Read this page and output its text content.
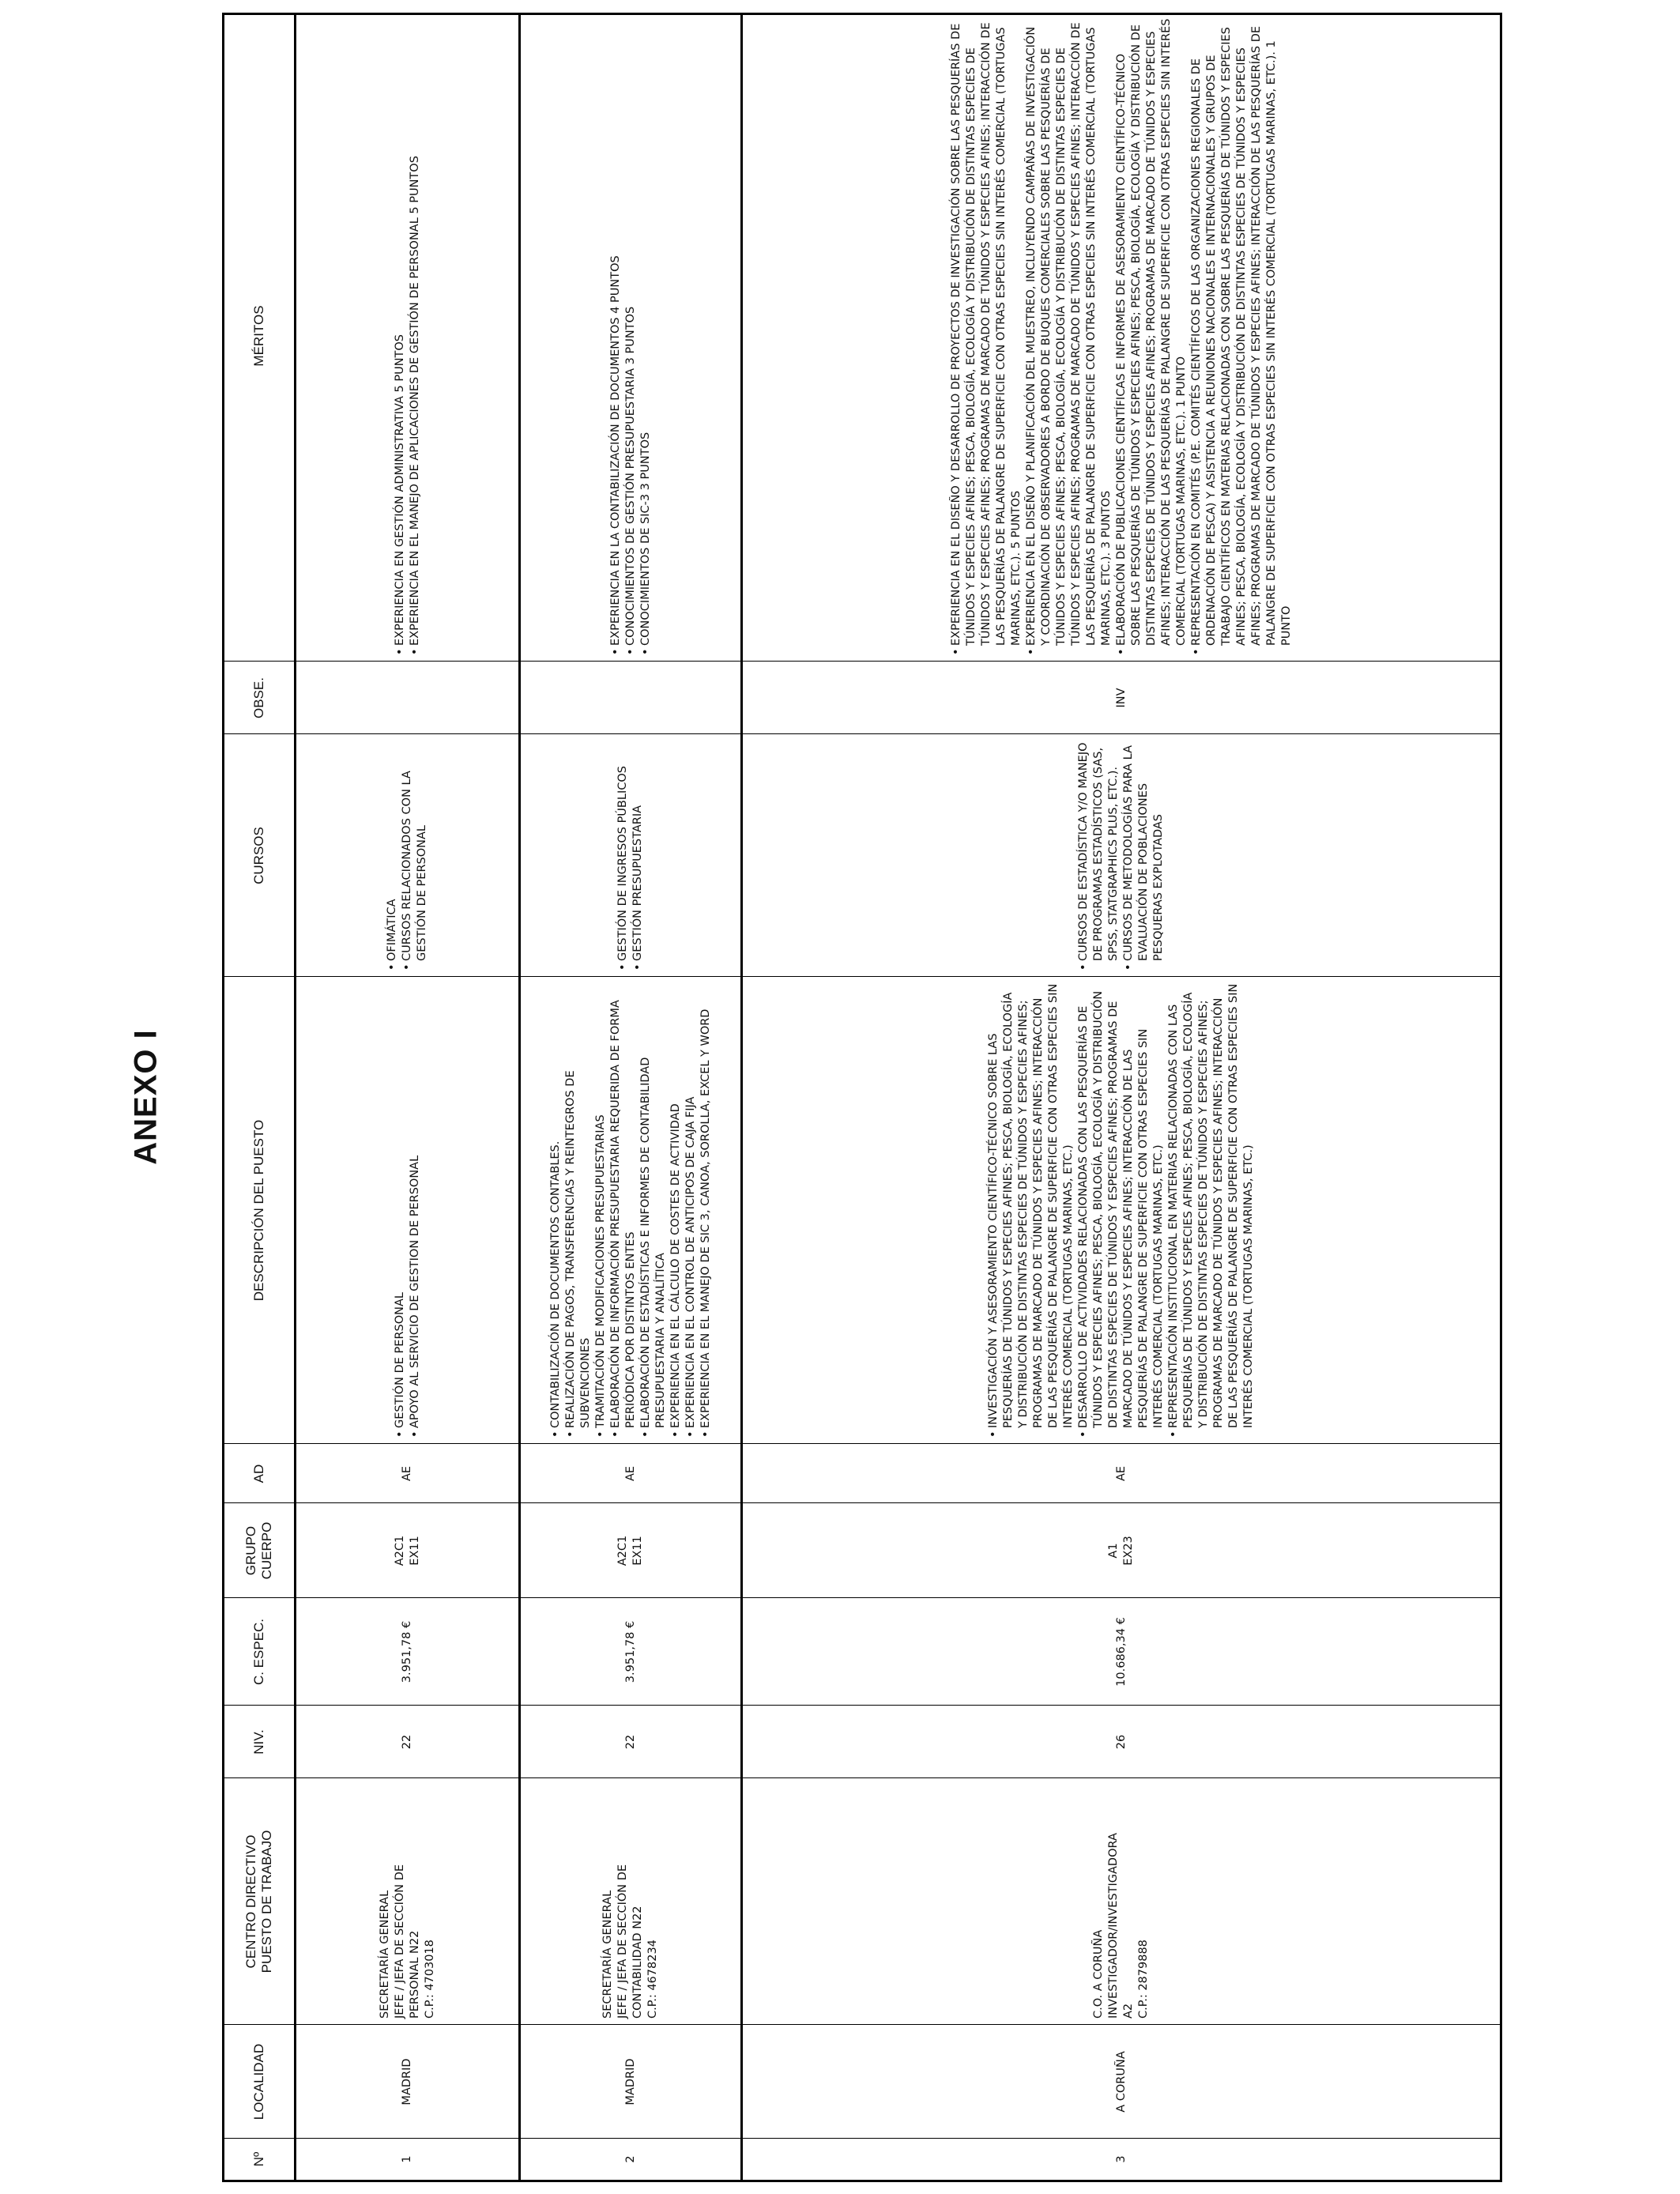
ANEXO I
Nº
LOCALIDAD
CENTRO DIRECTIVO
PUESTO DE TRABAJO
NIV.
C. ESPEC.
GRUPO
CUERPO
AD
DESCRIPCIÓN DEL PUESTO
CURSOS
OBSE.
MÉRITOS
1
MADRID
SECRETARÍA GENERAL
JEFE / JEFA DE SECCIÓN DE
PERSONAL N22
C.P.: 4703018
22
3.951,78 €
A2C1
EX11
AE
• GESTIÓN DE PERSONAL • APOYO AL SERVICIO DE GESTION DE PERSONAL
• OFIMÁTICA • CURSOS RELACIONADOS CON LA GESTIÓN DE PERSONAL
• EXPERIENCIA EN GESTIÓN ADMINISTRATIVA 5 PUNTOS • EXPERIENCIA EN EL MANEJO DE APLICACIONES DE GESTIÓN DE PERSONAL 5 PUNTOS
2
MADRID
SECRETARÍA GENERAL
JEFE / JEFA DE SECCIÓN DE
CONTABILIDAD N22
C.P.: 4678234
22
3.951,78 €
A2C1
EX11
AE
• CONTABILIZACIÓN DE DOCUMENTOS CONTABLES. • REALIZACIÓN DE PAGOS, TRANSFERENCIAS Y REINTEGROS DE SUBVENCIONES • TRAMITACIÓN DE MODIFICACIONES PRESUPUESTARIAS • ELABORACIÓN DE INFORMACIÓN PRESUPUESTARIA REQUERIDA DE FORMA PERIÓDICA POR DISTINTOS ENTES • ELABORACIÓN DE ESTADÍSTICAS E INFORMES DE CONTABILIDAD PRESUPUESTARIA Y ANALÍTICA • EXPERIENCIA EN EL CÁLCULO DE COSTES DE ACTIVIDAD • EXPERIENCIA EN EL CONTROL DE ANTICIPOS DE CAJA FIJA • EXPERIENCIA EN EL MANEJO DE SIC 3, CANOA, SOROLLA, EXCEL Y WORD
• GESTIÓN DE INGRESOS PÚBLICOS • GESTIÓN PRESUPUESTARIA
• EXPERIENCIA EN LA CONTABILIZACIÓN DE DOCUMENTOS 4 PUNTOS • CONOCIMIENTOS DE GESTIÓN PRESUPUESTARIA 3 PUNTOS • CONOCIMIENTOS DE SIC-3 3 PUNTOS
3
A CORUÑA
C.O. A CORUÑA
INVESTIGADOR/INVESTIGADORA
A2
C.P.: 2879888
26
10.686,34 €
A1
EX23
AE
• INVESTIGACIÓN Y ASESORAMIENTO CIENTÍFICO-TÉCNICO SOBRE LAS PESQUERÍAS DE TÚNIDOS Y ESPECIES AFINES; PESCA, BIOLOGÍA, ECOLOGÍA Y DISTRIBUCIÓN DE DISTINTAS ESPECIES DE TÚNIDOS Y ESPECIES AFINES; PROGRAMAS DE MARCADO DE TÚNIDOS Y ESPECIES AFINES; INTERACCIÓN DE LAS PESQUERÍAS DE PALANGRE DE SUPERFICIE CON OTRAS ESPECIES SIN INTERÉS COMERCIAL (TORTUGAS MARINAS, ETC.) • DESARROLLO DE ACTIVIDADES RELACIONADAS CON LAS PESQUERÍAS DE TÚNIDOS Y ESPECIES AFINES; PESCA, BIOLOGÍA, ECOLOGÍA Y DISTRIBUCIÓN DE DISTINTAS ESPECIES DE TÚNIDOS Y ESPECIES AFINES; PROGRAMAS DE MARCADO DE TÚNIDOS Y ESPECIES AFINES; INTERACCIÓN DE LAS PESQUERÍAS DE PALANGRE DE SUPERFICIE CON OTRAS ESPECIES SIN INTERÉS COMERCIAL (TORTUGAS MARINAS, ETC.) • REPRESENTACIÓN INSTITUCIONAL EN MATERIAS RELACIONADAS CON LAS PESQUERÍAS DE TÚNIDOS Y ESPECIES AFINES; PESCA, BIOLOGÍA, ECOLOGÍA Y DISTRIBUCIÓN DE DISTINTAS ESPECIES DE TÚNIDOS Y ESPECIES AFINES; PROGRAMAS DE MARCADO DE TÚNIDOS Y ESPECIES AFINES; INTERACCIÓN DE LAS PESQUERÍAS DE PALANGRE DE SUPERFICIE CON OTRAS ESPECIES SIN INTERÉS COMERCIAL (TORTUGAS MARINAS, ETC.)
• CURSOS DE ESTADÍSTICA Y/O MANEJO DE PROGRAMAS ESTADÍSTICOS (SAS, SPSS, STATGRAPHICS PLUS, ETC.). • CURSOS DE METODOLOGÍAS PARA LA EVALUACIÓN DE POBLACIONES PESQUERAS EXPLOTADAS
INV
• EXPERIENCIA EN EL DISEÑO Y DESARROLLO DE PROYECTOS DE INVESTIGACIÓN SOBRE LAS PESQUERÍAS DE TÚNIDOS Y ESPECIES AFINES; PESCA, BIOLOGÍA, ECOLOGÍA Y DISTRIBUCIÓN DE DISTINTAS ESPECIES DE TÚNIDOS Y ESPECIES AFINES; PROGRAMAS DE MARCADO DE TÚNIDOS Y ESPECIES AFINES; INTERACCIÓN DE LAS PESQUERÍAS DE PALANGRE DE SUPERFICIE CON OTRAS ESPECIES SIN INTERÉS COMERCIAL (TORTUGAS MARINAS, ETC.). 5 PUNTOS • EXPERIENCIA EN EL DISEÑO Y PLANIFICACIÓN DEL MUESTREO, INCLUYENDO CAMPAÑAS DE INVESTIGACIÓN Y COORDINACIÓN DE OBSERVADORES A BORDO DE BUQUES COMERCIALES SOBRE LAS PESQUERÍAS DE TÚNIDOS Y ESPECIES AFINES; PESCA, BIOLOGÍA, ECOLOGÍA Y DISTRIBUCIÓN DE DISTINTAS ESPECIES DE TÚNIDOS Y ESPECIES AFINES; PROGRAMAS DE MARCADO DE TÚNIDOS Y ESPECIES AFINES; INTERACCIÓN DE LAS PESQUERÍAS DE PALANGRE DE SUPERFICIE CON OTRAS ESPECIES SIN INTERÉS COMERCIAL (TORTUGAS MARINAS, ETC.). 3 PUNTOS • ELABORACIÓN DE PUBLICACIONES CIENTÍFICAS E INFORMES DE ASESORAMIENTO CIENTÍFICO-TÉCNICO SOBRE LAS PESQUERÍAS DE TÚNIDOS Y ESPECIES AFINES; PESCA, BIOLOGÍA, ECOLOGÍA Y DISTRIBUCIÓN DE DISTINTAS ESPECIES DE TÚNIDOS Y ESPECIES AFINES; PROGRAMAS DE MARCADO DE TÚNIDOS Y ESPECIES AFINES; INTERACCIÓN DE LAS PESQUERÍAS DE PALANGRE DE SUPERFICIE CON OTRAS ESPECIES SIN INTERÉS COMERCIAL (TORTUGAS MARINAS, ETC.). 1 PUNTO • REPRESENTACIÓN EN COMITÉS (P.E. COMITÉS CIENTÍFICOS DE LAS ORGANIZACIONES REGIONALES DE ORDENACIÓN DE PESCA) Y ASISTENCIA A REUNIONES NACIONALES E INTERNACIONALES Y GRUPOS DE TRABAJO CIENTÍFICOS EN MATERIAS RELACIONADAS CON SOBRE LAS PESQUERÍAS DE TÚNIDOS Y ESPECIES AFINES; PESCA, BIOLOGÍA, ECOLOGÍA Y DISTRIBUCIÓN DE DISTINTAS ESPECIES DE TÚNIDOS Y ESPECIES AFINES; PROGRAMAS DE MARCADO DE TÚNIDOS Y ESPECIES AFINES; INTERACCIÓN DE LAS PESQUERÍAS DE PALANGRE DE SUPERFICIE CON OTRAS ESPECIES SIN INTERÉS COMERCIAL (TORTUGAS MARINAS, ETC.). 1 PUNTO
